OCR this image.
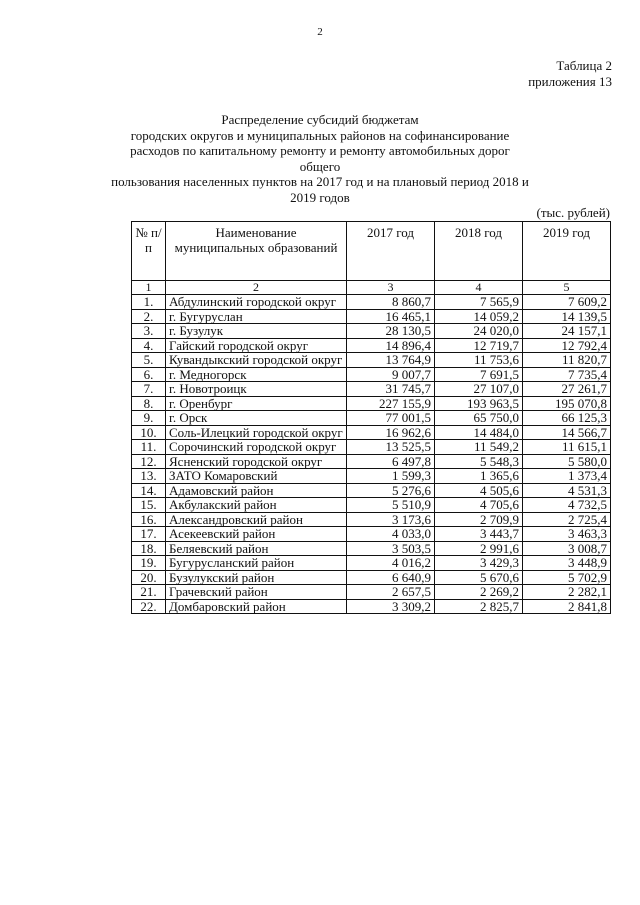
2
Таблица 2
приложения 13
Распределение субсидий бюджетам
городских округов и муниципальных районов на софинансирование
расходов по капитальному ремонту и ремонту автомобильных дорог общего
пользования населенных пунктов на 2017 год и на плановый период 2018 и
2019 годов
(тыс. рублей)
№ п/п	Наименование муниципальных образований	2017 год	2018 год	2019 год
1	2	3	4	5
1.	Абдулинский городской округ	8 860,7	7 565,9	7 609,2
2.	г. Бугуруслан	16 465,1	14 059,2	14 139,5
3.	г. Бузулук	28 130,5	24 020,0	24 157,1
4.	Гайский городской округ	14 896,4	12 719,7	12 792,4
5.	Кувандыкский городской округ	13 764,9	11 753,6	11 820,7
6.	г. Медногорск	9 007,7	7 691,5	7 735,4
7.	г. Новотроицк	31 745,7	27 107,0	27 261,7
8.	г. Оренбург	227 155,9	193 963,5	195 070,8
9.	г. Орск	77 001,5	65 750,0	66 125,3
10.	Соль-Илецкий городской округ	16 962,6	14 484,0	14 566,7
11.	Сорочинский городской округ	13 525,5	11 549,2	11 615,1
12.	Ясненский городской округ	6 497,8	5 548,3	5 580,0
13.	ЗАТО Комаровский	1 599,3	1 365,6	1 373,4
14.	Адамовский район	5 276,6	4 505,6	4 531,3
15.	Акбулакский район	5 510,9	4 705,6	4 732,5
16.	Александровский район	3 173,6	2 709,9	2 725,4
17.	Асекеевский район	4 033,0	3 443,7	3 463,3
18.	Беляевский район	3 503,5	2 991,6	3 008,7
19.	Бугурусланский район	4 016,2	3 429,3	3 448,9
20.	Бузулукский район	6 640,9	5 670,6	5 702,9
21.	Грачевский район	2 657,5	2 269,2	2 282,1
22.	Домбаровский район	3 309,2	2 825,7	2 841,8
